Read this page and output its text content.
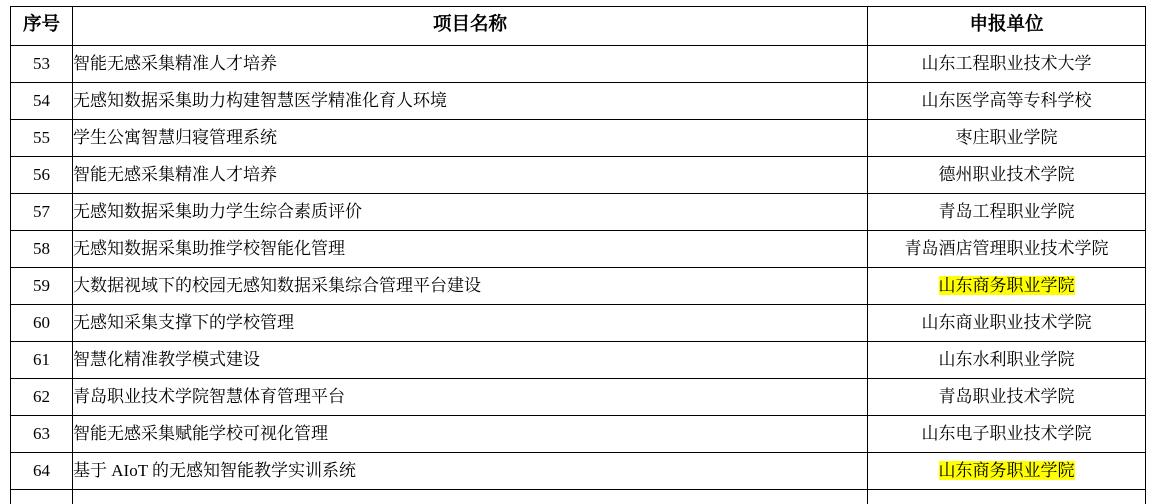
序号	项目名称	申报单位
53	智能无感采集精准人才培养	山东工程职业技术大学
54	无感知数据采集助力构建智慧医学精准化育人环境	山东医学高等专科学校
55	学生公寓智慧归寝管理系统	枣庄职业学院
56	智能无感采集精准人才培养	德州职业技术学院
57	无感知数据采集助力学生综合素质评价	青岛工程职业学院
58	无感知数据采集助推学校智能化管理	青岛酒店管理职业技术学院
59	大数据视域下的校园无感知数据采集综合管理平台建设	山东商务职业学院
60	无感知采集支撑下的学校管理	山东商业职业技术学院
61	智慧化精准教学模式建设	山东水利职业学院
62	青岛职业技术学院智慧体育管理平台	青岛职业技术学院
63	智能无感采集赋能学校可视化管理	山东电子职业技术学院
64	基于 AIoT 的无感知智能教学实训系统	山东商务职业学院
